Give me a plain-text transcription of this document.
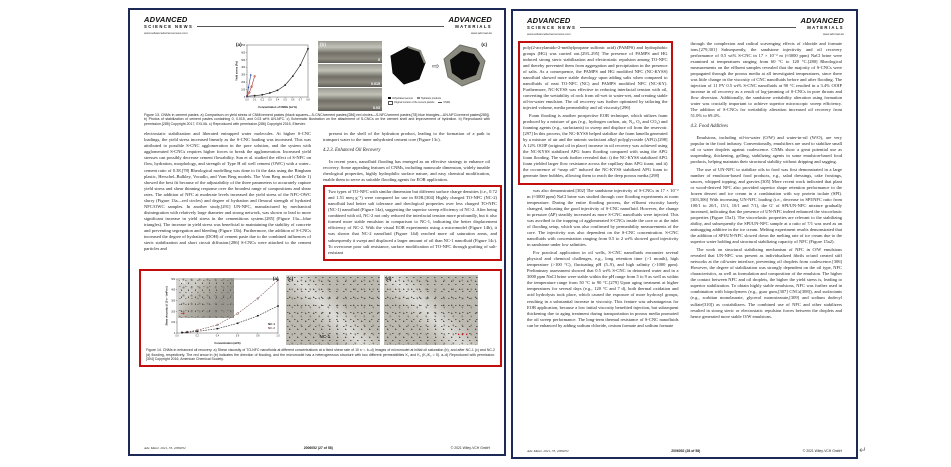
ADVANCED
SCIENCE NEWS
www.advancedsciencenews.com
ADVANCED
MATERIALS
www.advmat.de
(a)
0.0 0.1 0.2 0.3 0.4 0.5 0.6 0.7 0.8
0
100
200
300
400
500
600
700
Concentration of CNMs (wt %)
Yield stress (Pa)
(b)
0
0.015
0.03
(c)
⇨
Unhydrated cement	Hydration products
Original contour of the cement particle	CNMs
Figure 13. CNMs in cement pastes. a) Comparison on yield stress of CNM/cement pastes (black squares—S-CNC/cement pastes;[286] red circles—S-NFC/cement pastes;[78] blue triangles—UN-NFC/cement pastes[285]). b) Photos of stabilization of cement pastes containing 0, 0.015, and 0.03 wt% UN-NFC. c) Schematic illustration on the attachment of S-CNCs on the cement shell and improvement of hydration. b) Reproduced with permission.[285] Copyright 2017, EXLVA. c) Reproduced with permission.[286] Copyright 2015, Elsevier.

electrostatic stabilization and liberated entrapped water molecules. At higher S-CNC loadings, the yield stress increased linearly as the S-CNC loading was increased. This was attributed to possible S-CNC agglomeration in the pore solution, and the system with agglomerated S-CNCs requires higher forces to break the agglomeration. Increased yield stresses can possibly decrease cement flowability. Sun et al. studied the effect of S-NFC on flow, hydration, morphology, and strength of Type H oil well cement (OWC) with a water–cement ratio of 0.38.[78] Rheological modelling was done to fit the data using the Bingham plastic, Herschel–Bulkley, Vocadlo, and Vom Berg models. The Vom Berg model (Table 1) showed the best fit because of the adjustability of the three parameters to accurately capture yield stress and shear thinning response over the broadest range of compositions and shear rates. The addition of NFC at moderate levels increased the yield stress of the NFC-OWC slurry (Figure 13a—red circles) and degree of hydration and flexural strength of hydrated NFC/OWC samples. In another study,[291] UN-NFC, manufactured by mechanical disintegration with relatively large diameter and strong network, was shown to lead to more significant increase in yield stress in the cementitious system.[285] (Figure 13a—blue triangles). The increase in yield stress was beneficial to maintaining the stability of concrete and preventing segregation and bleeding (Figure 13b). Furthermore, the addition of S-CNCs increased the degree of hydration (DOH) of cement paste due to the combined influences of steric stabilization and short circuit diffusion.[286] S-CNCs were attached to the cement particles and

present in the shell of the hydration product, leading to the formation of a path to transport water to the inner unhydrated cement core (Figure 13c).

4.2.3. Enhanced Oil Recovery

In recent years, nanofluid flooding has emerged as an effective strategy to enhance oil recovery. Some appealing features of CNMs, including nanoscale dimension, widely tunable rheological properties, highly hydrophilic surface nature, and easy chemical modification, enable them to serve as suitable flooding agents for EOR application.

Two types of TO-NFC with similar dimension but different surface charge densities (i.e., 0.72 and 1.51 meq g⁻¹) were compared for use in EOR.[304] Highly charged TO-NFC (NC-2) nanofluid had better salt tolerance and rheological properties over less charged TO-NFC (NC-1) nanofluid (Figure 14a), suggesting the superior sweep efficiency of NC-2. After being combined with oil, NC-2 not only reduced the interfacial tension more profoundly, but it also formed more stable emulsion in comparison to NC-1, indicating the better displacement efficiency of NC-2. With the visual EOR experiments using a micromodel (Figure 14b), it was shown that NC-2 nanofluid (Figure 14d) reached more oil saturation areas, and subsequently it swept and displaced a larger amount of oil than NC-1 nanofluid (Figure 14c). To overcome poor salt resistance, surface modification of TO-NFC through grafting of salt-resistant

(a)
(b)
→
0.0	0.2	0.4	0.6	0.8	1.0
0
100
200
300
400
500
Concentration (wt%)
Shear viscosity @ 10 s⁻¹ (mPa·s)	NC-1
NC-2
(c)
NC-1
(d)
•••
Figure 14. CNMs in enhanced oil recovery. a) Shear viscosity of TO-NFC nanofluids at different concentrations at a fixed shear rate of 10 s⁻¹. b–d) Images of micromodel at initial oil saturation (b), and after NC-1 (c) and NC-2 (d) flooding, respectively. The red arrow in (b) indicates the direction of flooding, and the micromodel has a heterogeneous structure with two different permeabilities K₁ and K₂ (K₁/K₂ = 5). a–d) Reproduced with permission.[304] Copyright 2016, American Chemical Society.
Adv. Mater. 2021, 33, 2006052	2006052 (27 of 58)	© 2021 Wiley-VCH GmbH
ADVANCED
SCIENCE NEWS
www.advancedsciencenews.com
ADVANCED
MATERIALS
www.advmat.de

poly(2-acrylamido-2-methylpropane sulfonic acid) (PAMPS) and hydrophobic groups (HG) was carried out.[293–295] The presence of PAMPS and HG induced strong steric stabilization and electrostatic repulsion among TO-NFC and thereby prevented them from aggregation and precipitation in the presence of salts. As a consequence, the PAMPS and HG modified NFC (NC-KYSS) nanofluid showed more stable rheology upon adding salts when compared to nanofluids of neat TO-NFC (NC) and PAMPS modified NFC (NC-KY). Furthermore, NC-KYSS was effective in reducing interfacial tension with oil, converting the wettability of rock from oil-wet to water-wet, and creating stable oil-in-water emulsion. The oil recovery was further optimized by tailoring the injected volume, media permeability and oil viscosity.[296]

Foam flooding is another prospective EOR technique, which utilizes foam produced by a mixture of gas (e.g., hydrogen carbon, air, N₂, O₂ and CO₂) and foaming agents (e.g., surfactants) to sweep and displace oil from the reservoir.[297] In this process, the NC-KYSS helped stabilize the foam lamella generated by a mixture of air and the anionic surfactant alkyl polyglycoside (APG).[298] A 12% OOIP (original oil in place) increase in oil recovery was achieved using the NC-KYSS stabilized APG foam flooding compared with using the APG foam flooding. The work further revealed that: i) the NC-KYSS stabilized APG foam yielded larger flow resistance across the capillary than APG foam; and ii) the occurrence of “snap off” induced the NC-KYSS stabilized APG foam to generate finer bubbles, allowing them to reach the deep porous media.[298]

was also demonstrated.[302] The sandstone injectivity of S-CNCs in 17 × 10⁻³ m (≈3000 ppm) NaCl brine was studied through core flooding experiments at room temperature. During the entire flooding process, the effluent viscosity barely changed, indicating the good injectivity of S-CNC nanofluid. However, the change in pressure (ΔP) steadily increased as more S-CNC nanofluids were injected. This was ascribed to the trapping of agglomerated S-CNCs inside the core or at the inlet of flooding setup, which was also confirmed by permeability measurements of the core. The injectivity was also dependent on the S-CNC concentration. S-CNC nanofluids with concentration ranging from 0.5 to 2 wt% showed good injectivity in sandstone under low salinities.

For practical application in oil wells, S-CNC nanofluids encounter several physical and chemical challenges, e.g., long retention time (>1 month), high temperature (>100 °C), fluctuating pH (5–9), and high salinity (>1000 ppm). Preliminary assessment showed that 0.5 wt% S-CNC in deionized water and in a 3000 ppm NaCl brine were stable within the pH range from 5 to 9 as well as within the temperature range from 50 °C to 90 °C.[279] Upon aging treatment at higher temperatures for several days (e.g., 120 °C and 7 d), both thermal oxidation and acid hydrolysis took place, which caused the exposure of more hydroxyl groups, resulting in a substantial increase in viscosity. This feature was advantageous for EOR application, because a low initial viscosity benefited injection, but subsequent thickening due to aging treatment during transportation in porous media promoted the oil sweep performance. The long-term thermal resistance of S-CNC nanofluids can be enhanced by adding sodium chloride, cesium formate and sodium formate

through the complexion and radical scavenging effects of chloride and formate ions.[279,301] Subsequently, the sandstone injectivity and oil recovery performance of 0.5 wt% S-CNC in 17 × 10⁻³ m (≈3000 ppm) NaCl brine were examined at temperatures ranging from 60 °C to 120 °C.[280] Rheological measurements on the effluent samples revealed that the majority of S-CNCs were propagated through the porous media at all investigated temperatures, since there was little change in the viscosity of CNC nanofluids before and after flooding. The injection of 11 PV 0.5 wt% S-CNC nanofluids at 90 °C resulted in a 3.4% OOIP increase in oil recovery as a result of log-jamming of S-CNCs in pore throats and flow diversion. Additionally, the sandstone wettability alteration using formation water was crucially important to achieve superior microscopic sweep efficiency. The addition of S-CNCs for wettability alteration increased oil recovery from 51.0% to 69.4%.

4.3. Food Additives

Emulsions, including oil-in-water (O/W) and water-in-oil (W/O), are very popular in the food industry. Conventionally, emulsifiers are used to stabilize small oil or water droplets against coalescence. CNMs show a great potential use as suspending, thickening, gelling, stabilizing agents in some emulsion-based food products, helping maintain their structural stability without dripping and sagging.

The use of UN-NFC to stabilize oils in food was first demonstrated in a large number of emulsion-based food products, e.g., salad dressings, cake frostings, sauces, whipped topping, and gravies.[305] More recent work indicated that plant or wood-derived NFC also provided superior shape retention performance to the frozen dessert and ice cream in a combination with soy protein isolate (SPI).[303,306] With increasing UN-NFC loading (i.e., decrease in SPI/NFC ratio from 100/1 to 20/1, 15/1, 10/1 and 7/1), the G′ of SPI/UN-NFC mixture gradually increased, indicating that the presence of UN-NFC indeed enhanced the viscoelastic properties (Figure 15a1). The viscoelastic properties are relevant to the stabilizing ability, and subsequently the SPI/UN-NFC sample at a ratio of 7/1 was used as an antisagging additive in the ice cream. Melting experiment results demonstrated that the addition of SPI/UN-NFC slowed down the melting rate of ice cream due to the superior water holding and structural stabilizing capacity of NFC (Figure 15a2).

The work on structural stabilizing mechanism of NFC in O/W emulsions revealed that UN-NFC was present as individualized fibrils or/and created stiff networks at the oil/water interface, preventing oil droplets from coalescence.[306] However, the degree of stabilization was strongly dependent on the oil type, NFC characteristics, as well as formulation and composition of the emulsion. The higher the contact between NFC and oil droplets, the higher the yield stress is, leading to superior stabilization. To obtain highly stable emulsions, NFC was further used in combination with biopolymers (e.g., guar gum,[307] CNCs[308]), and surfactants (e.g., sorbitan monolaurate, glycerol monostearate,[309] and sodium dodecyl sulfate[310]) as costabilizers. The combined use of NFC and other stabilizers resulted in strong steric or electrostatic repulsion forces between the droplets and hence generated more stable O/W emulsions.

Adv. Mater. 2021, 33, 2006052	2006052 (28 of 58)	© 2021 Wiley-VCH GmbH ↵
